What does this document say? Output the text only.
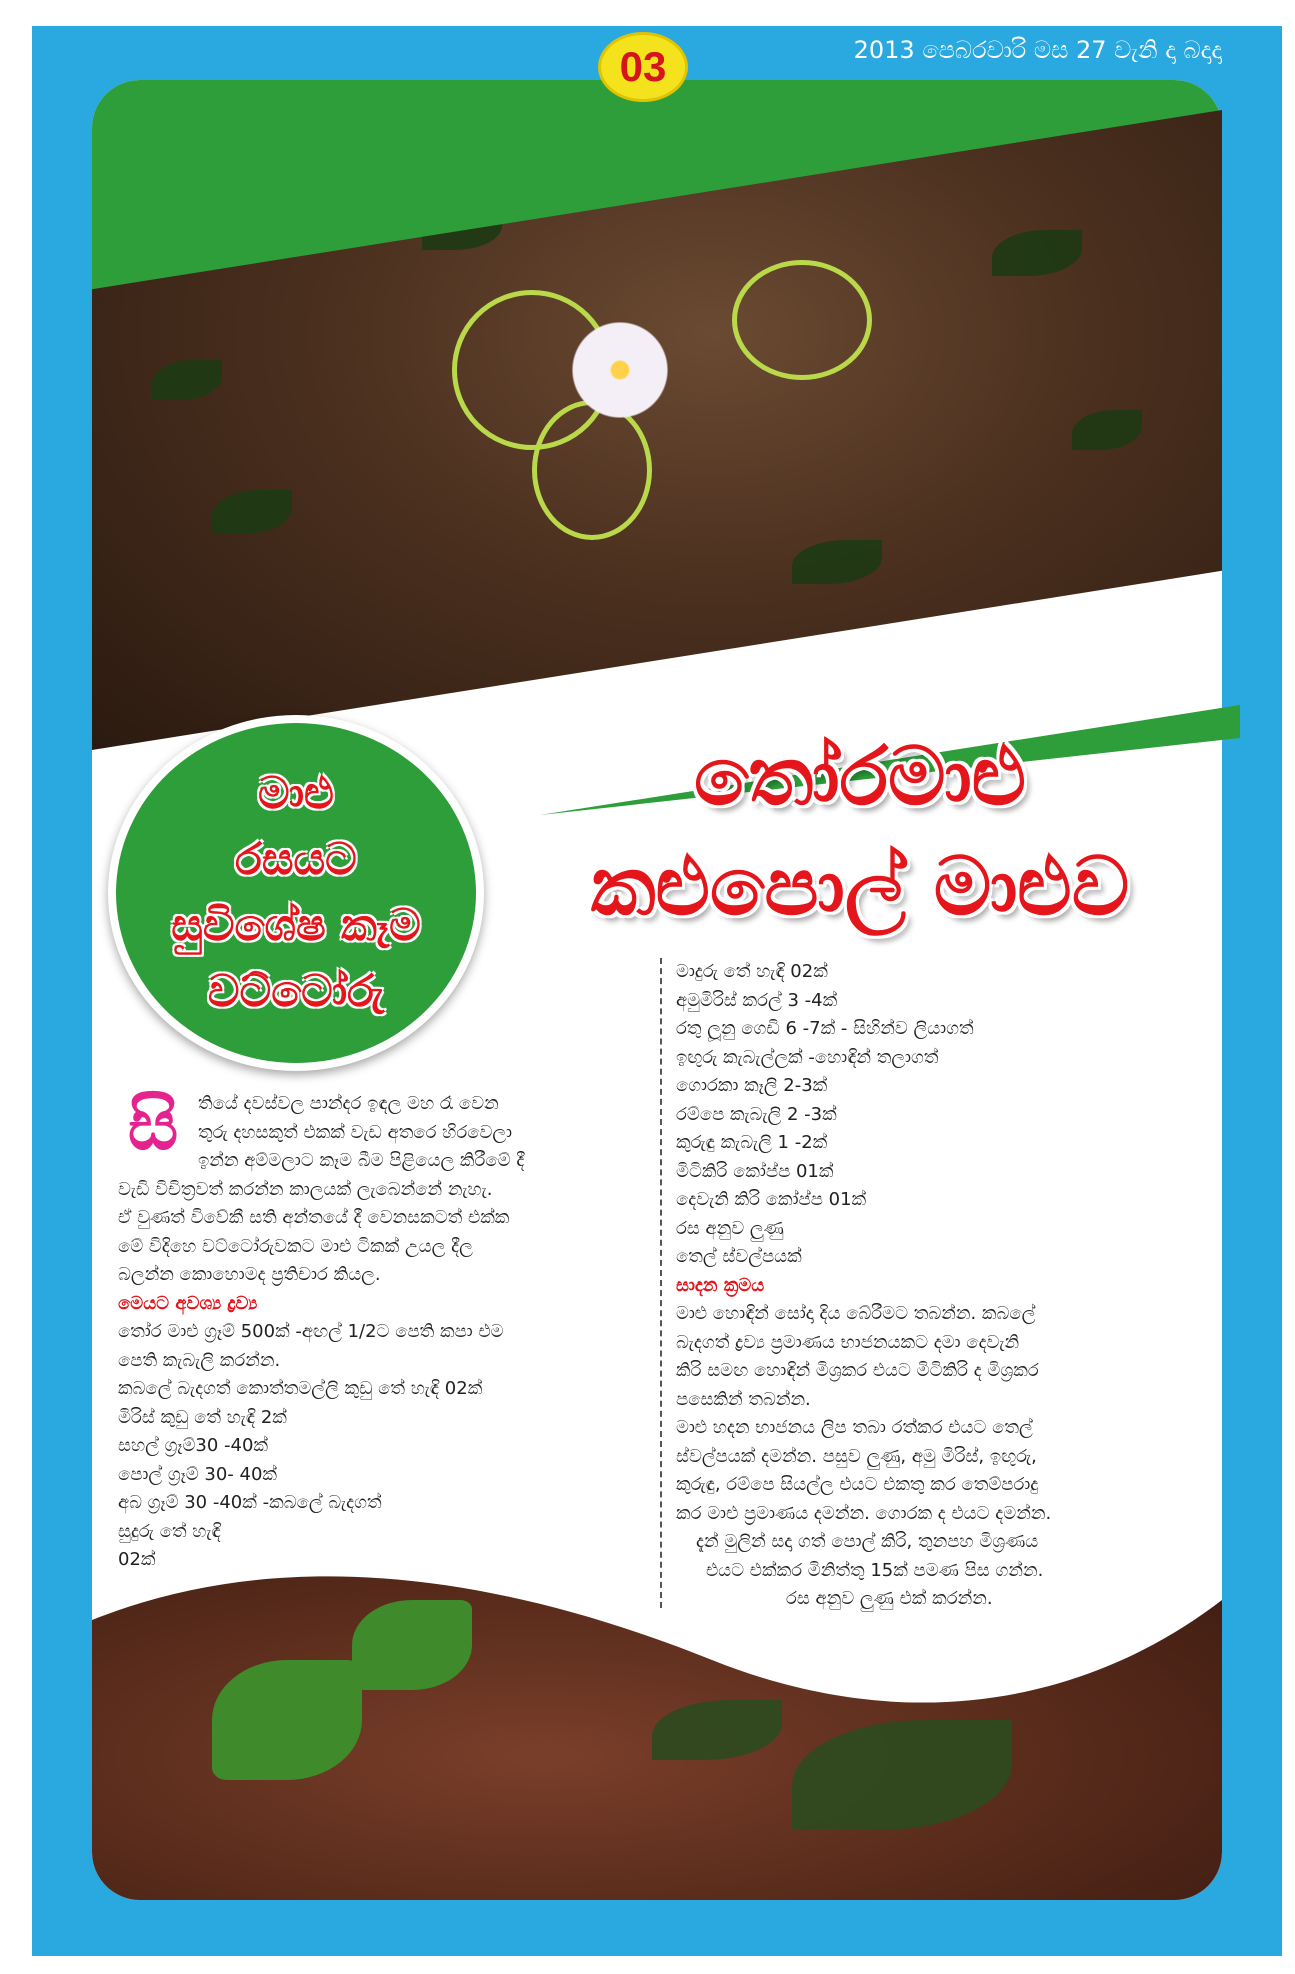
03	2013 පෙබරවාරි මස 27 වැනි දා බදාදා
මාළු
රසයට
සුවිශේෂ කෑම
වට්ටෝරු
තෝරමාළු
කළුපොල් මාළුව
සි	තියේ දවස්වල පාන්දර ඉඳල මහ රෑ වෙන
තුරු දහසකුත් එකක් වැඩ අතරෙ හිරවෙලා
ඉන්න අම්මලාට කෑම බීම පිළියෙල කිරීමේ දී
වැඩි විචිත්‍රවත් කරන්න කාලයක් ලැබෙන්නේ නැහැ.
ඒ වුණත් විවේකී සති අන්තයේ දී වෙනසකටත් එක්ක
මේ විදිහෙ වට්ටෝරුවකට මාළු ටිකක් උයල දීල
බලන්න කොහොමද ප්‍රතිචාර කියල.
මෙයට අවශ්‍ය ද්‍රව්‍ය
තෝර මාළු ග්‍රෑම් 500ක් -අඟල් 1/2ට පෙති කපා එම
පෙති කැබැලි කරන්න.
කබලේ බැදගත් කොත්තමල්ලි කුඩු තේ හැඳි 02ක්
මිරිස් කුඩු තේ හැඳි 2ක්
සහල් ග්‍රෑම්30 -40ක්
පොල් ග්‍රෑම් 30- 40ක්
අබ ග්‍රෑම් 30 -40ක් -කබලේ බැදගත්
සුදුරු තේ හැඳි
02ක්
මාදුරු තේ හැඳි 02ක්
අමුමිරිස් කරල් 3 -4ක්
රතු ලූනු ගෙඩි 6 -7ක් - සිහින්ව ලියාගත්
ඉඟුරු කැබැල්ලක් -හොඳින් තලාගත්
ගොරකා කෑලි 2-3ක්
රම්පෙ කැබැලි 2 -3ක්
කුරුඳු කැබැලි 1 -2ක්
මිටිකිරි කෝප්ප 01ක්
දෙවැනි කිරි කෝප්ප 01ක්
රස අනුව ලුණු
තෙල් ස්වල්පයක්
සාදන ක්‍රමය
මාළු හොඳින් සෝදා දිය බේරීමට තබන්න. කබලේ
බැදගත් ද්‍රව්‍ය ප්‍රමාණය භාජනයකට දමා දෙවැනි
කිරි සමඟ හොඳින් මිශ්‍රකර එයට මිටිකිරි ද මිශ්‍රකර
පසෙකින් තබන්න.
මාළු හදන භාජනය ලිප තබා රත්කර එයට තෙල්
ස්වල්පයක් දමන්න. පසුව ලුණු, අමු මිරිස්, ඉඟුරු,
කුරුඳු, රම්පෙ සියල්ල එයට එකතු කර තෙම්පරාදු
කර මාළු ප්‍රමාණය දමන්න. ගොරක ද එයට දමන්න.
දැන් මුලින් සදා ගත් පොල් කිරි, තුනපහ මිශ්‍රණය
එයට එක්කර මිනිත්තු 15ක් පමණ පිස ගන්න.
රස අනුව ලුණු එක් කරන්න.
